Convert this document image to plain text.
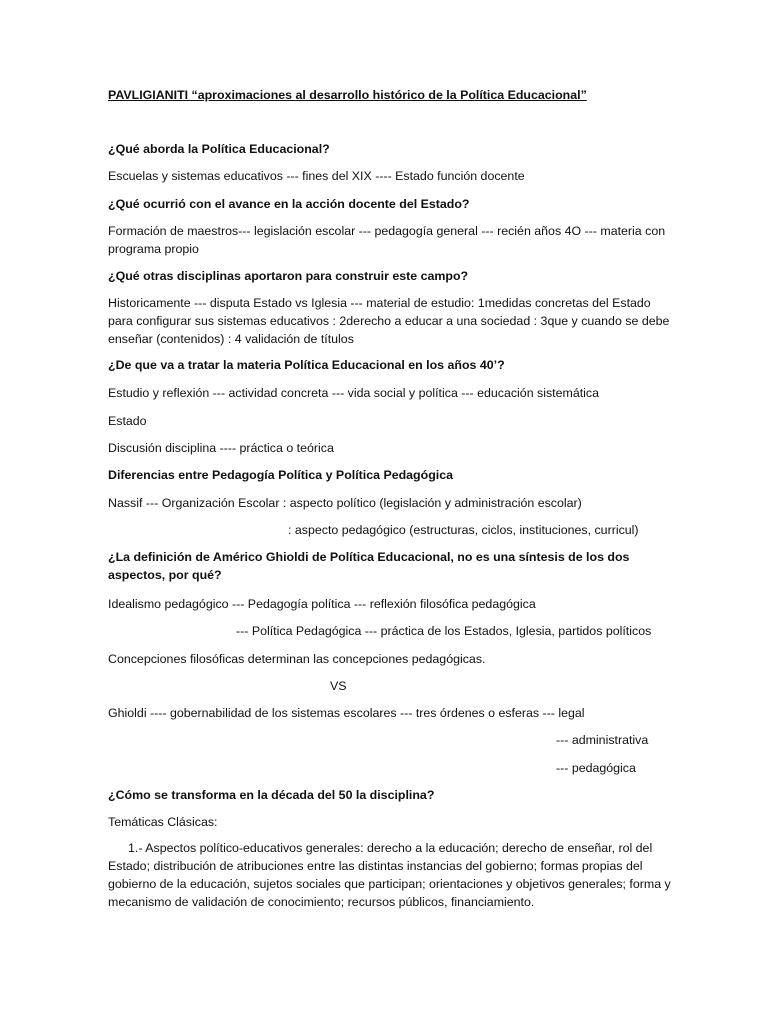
PAVLIGIANITI “aproximaciones al desarrollo histórico de la Política Educacional”
¿Qué aborda la Política Educacional?
Escuelas y sistemas educativos --- fines del XIX ---- Estado función docente
¿Qué ocurrió con el avance en la acción docente del Estado?
Formación de maestros--- legislación escolar --- pedagogía general --- recién años 4O --- materia con programa propio
¿Qué otras disciplinas aportaron para construir este campo?
Historicamente --- disputa Estado vs Iglesia --- material de estudio: 1medidas concretas del Estado para configurar sus sistemas educativos : 2derecho a educar a una sociedad : 3que y cuando se debe enseñar (contenidos) : 4 validación de títulos
¿De que va a tratar la materia Política Educacional en los años 40’?
Estudio y reflexión --- actividad concreta --- vida social y política --- educación sistemática
Estado
Discusión disciplina ---- práctica o teórica
Diferencias entre Pedagogía Política y Política Pedagógica
Nassif --- Organización Escolar : aspecto político (legislación y administración escolar)
: aspecto pedagógico (estructuras, ciclos, instituciones, curricul)
¿La definición de Américo Ghioldi de Política Educacional, no es una síntesis de los dos aspectos, por qué?
Idealismo pedagógico --- Pedagogía política --- reflexión filosófica pedagógica
--- Política Pedagógica --- práctica de los Estados, Iglesia, partidos políticos
Concepciones filosóficas determinan las concepciones pedagógicas.
VS
Ghioldi ---- gobernabilidad de los sistemas escolares --- tres órdenes o esferas --- legal
--- administrativa
--- pedagógica
¿Cómo se transforma en la década del 50 la disciplina?
Temáticas Clásicas:
1.- Aspectos político-educativos generales: derecho a la educación; derecho de enseñar, rol del Estado; distribución de atribuciones entre las distintas instancias del gobierno; formas propias del gobierno de la educación, sujetos sociales que participan; orientaciones y objetivos generales; forma y mecanismo de validación de conocimiento; recursos públicos, financiamiento.
